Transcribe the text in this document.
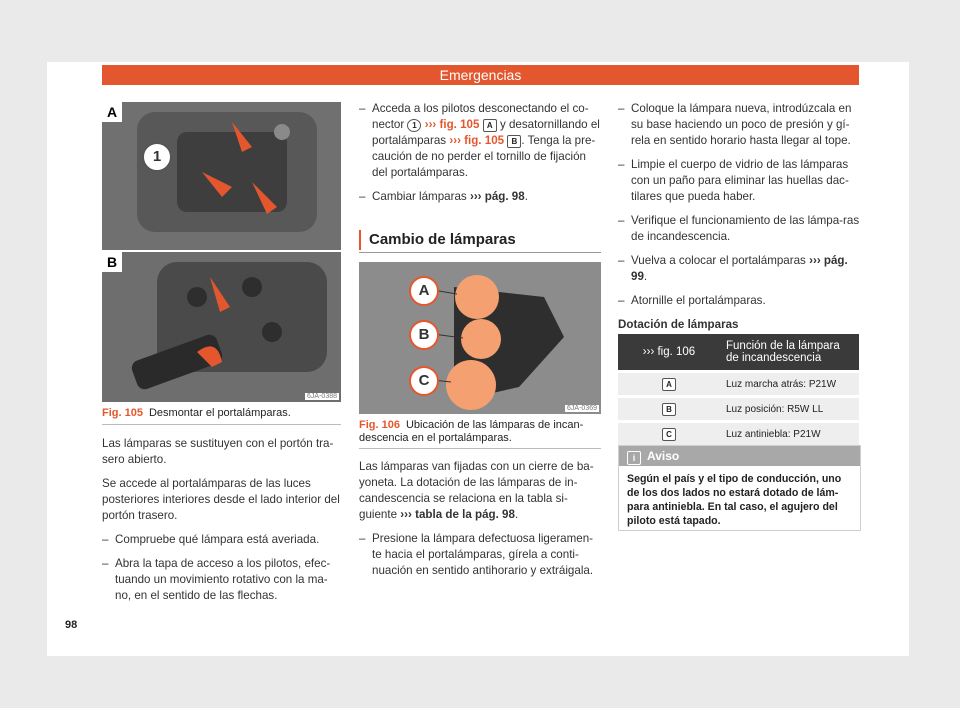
Emergencias
A
1
B
6JA-0388
Fig. 105 Desmontar el portalámparas.

Las lámparas se sustituyen con el portón tra-sero abierto.

Se accede al portalámparas de las luces posteriores interiores desde el lado interior del portón trasero.

– Compruebe qué lámpara está averiada.
– Abra la tapa de acceso a los pilotos, efec-tuando un movimiento rotativo con la ma-no, en el sentido de las flechas.
– Acceda a los pilotos desconectando el co-nector 1 ››› fig. 105 A y desatornillando el portalámparas ››› fig. 105 B . Tenga la pre-caución de no perder el tornillo de fijación del portalámparas.
– Cambiar lámparas ››› pág. 98.
Cambio de lámparas
A
B
C
6JA-0369
Fig. 106 Ubicación de las lámparas de incan-descencia en el portalámparas.

Las lámparas van fijadas con un cierre de ba-yoneta. La dotación de las lámparas de in-candescencia se relaciona en la tabla si-guiente ››› tabla de la pág. 98.

– Presione la lámpara defectuosa ligeramen-te hacia el portalámparas, gírela a conti-nuación en sentido antihorario y extráigala.
– Coloque la lámpara nueva, introdúzcala en su base haciendo un poco de presión y gí-rela en sentido horario hasta llegar al tope.
– Limpie el cuerpo de vidrio de las lámparas con un paño para eliminar las huellas dac-tilares que pueda haber.
– Verifique el funcionamiento de las lámpa-ras de incandescencia.
– Vuelva a colocar el portalámparas ››› pág. 99.
– Atornille el portalámparas.

Dotación de lámparas

››› fig. 106	Función de la lámpara de incandescencia
A	Luz marcha atrás: P21W
B	Luz posición: R5W LL
C	Luz antiniebla: P21W
i Aviso
Según el país y el tipo de conducción, uno de los dos lados no estará dotado de lám-para antiniebla. En tal caso, el agujero del piloto está tapado.
98
